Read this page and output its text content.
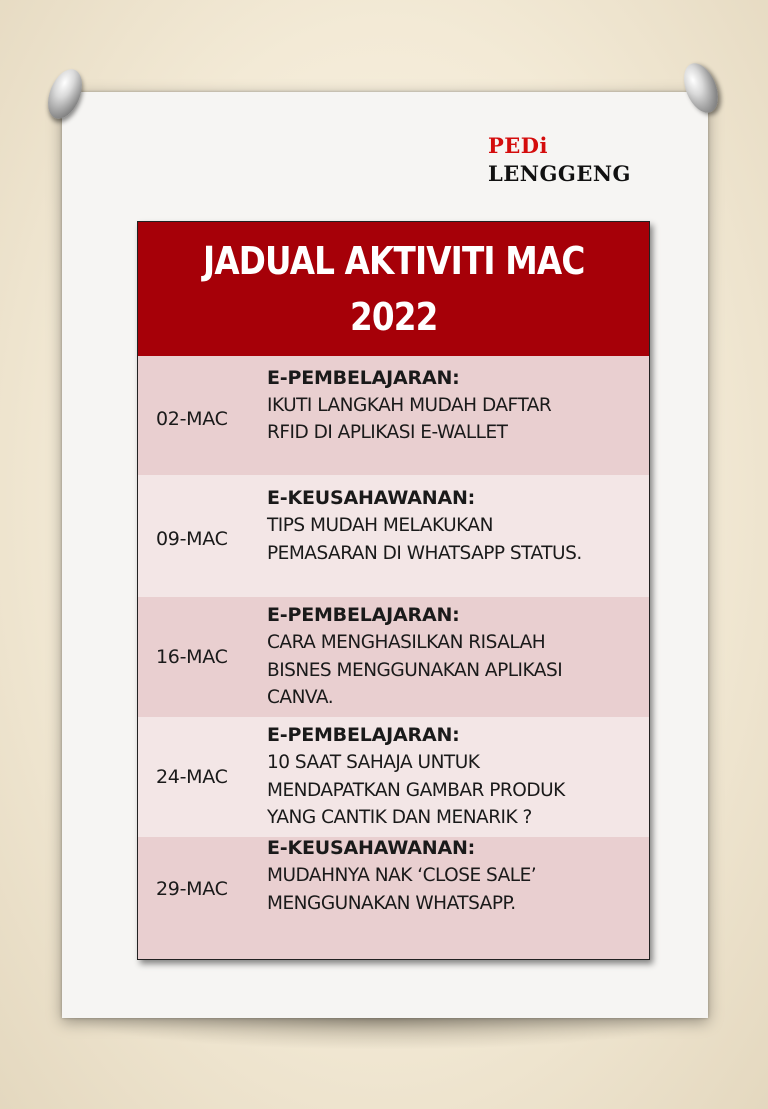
PEDi
LENGGENG
JADUAL AKTIVITI MAC
2022
02-MAC
E-PEMBELAJARAN:
IKUTI LANGKAH MUDAH DAFTAR
RFID DI APLIKASI E-WALLET
09-MAC
E-KEUSAHAWANAN:
TIPS MUDAH MELAKUKAN
PEMASARAN DI WHATSAPP STATUS.
16-MAC
E-PEMBELAJARAN:
CARA MENGHASILKAN RISALAH
BISNES MENGGUNAKAN APLIKASI
CANVA.
24-MAC
E-PEMBELAJARAN:
10 SAAT SAHAJA UNTUK
MENDAPATKAN GAMBAR PRODUK
YANG CANTIK DAN MENARIK ?
29-MAC
E-KEUSAHAWANAN:
MUDAHNYA NAK ‘CLOSE SALE’
MENGGUNAKAN WHATSAPP.
